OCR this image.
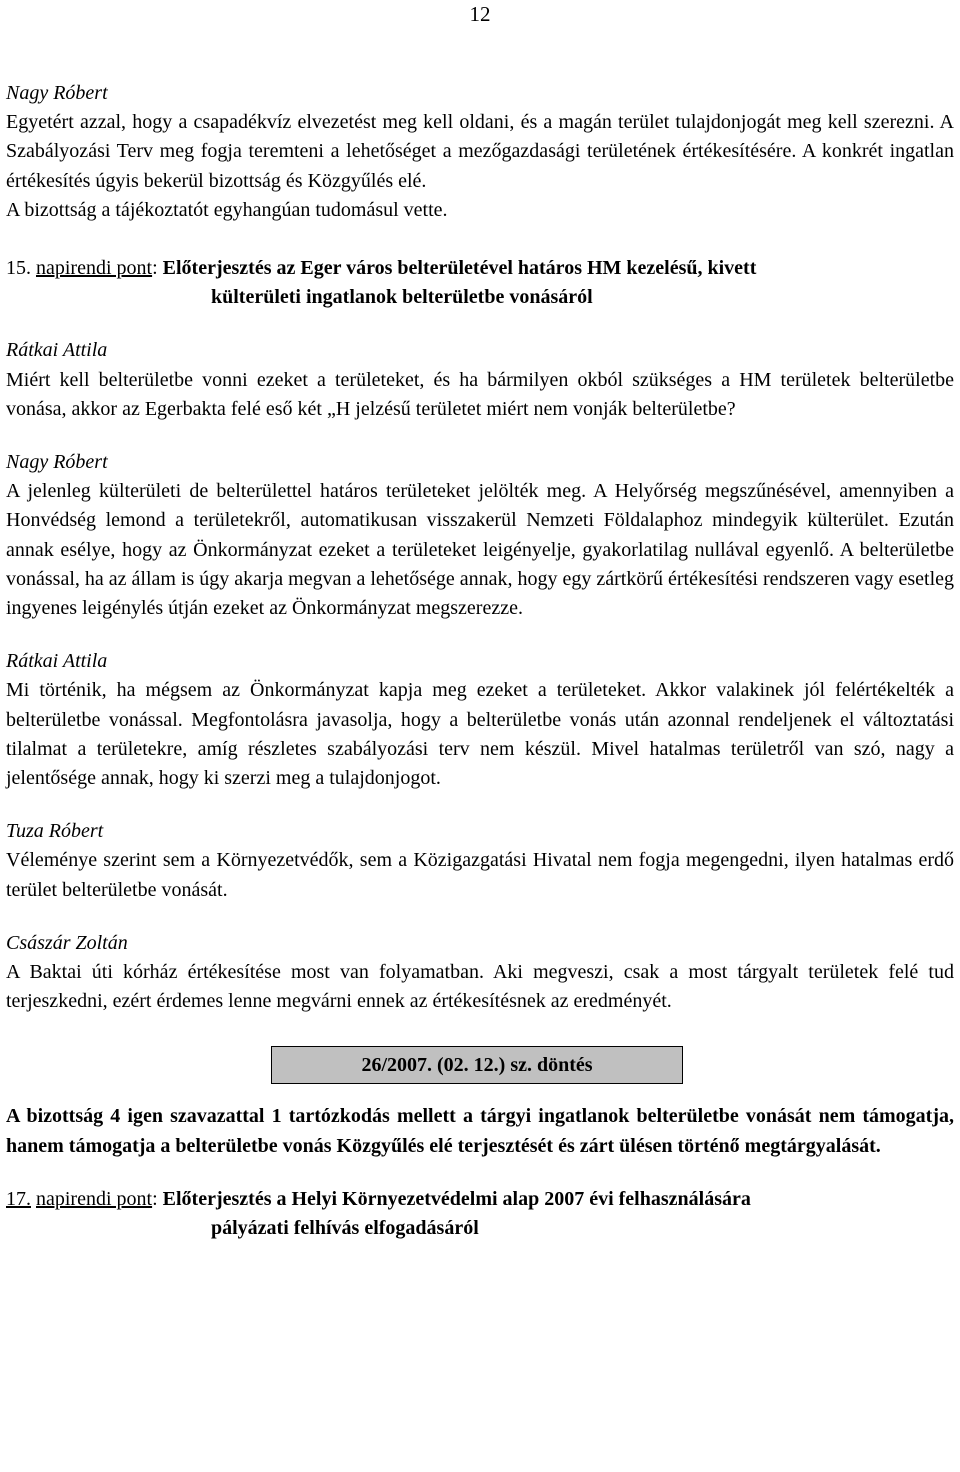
12
Nagy Róbert
Egyetért azzal, hogy a csapadékvíz elvezetést meg kell oldani, és a magán terület tulajdonjogát meg kell szerezni. A Szabályozási Terv meg fogja teremteni a lehetőséget a mezőgazdasági területének értékesítésére. A konkrét ingatlan értékesítés úgyis bekerül bizottság és Közgyűlés elé.
A bizottság a tájékoztatót egyhangúan tudomásul vette.
15. napirendi pont: Előterjesztés az Eger város belterületével határos HM kezelésű, kivett
külterületi ingatlanok belterületbe vonásáról
Rátkai Attila
Miért kell belterületbe vonni ezeket a területeket, és ha bármilyen okból szükséges a HM területek belterületbe vonása, akkor az Egerbakta felé eső két „H jelzésű területet miért nem vonják belterületbe?
Nagy Róbert
A jelenleg külterületi de belterülettel határos területeket jelölték meg. A Helyőrség megszűnésével, amennyiben a Honvédség lemond a területekről, automatikusan visszakerül Nemzeti Földalaphoz mindegyik külterület. Ezután annak esélye, hogy az Önkormányzat ezeket a területeket leigényelje, gyakorlatilag nullával egyenlő. A belterületbe vonással, ha az állam is úgy akarja megvan a lehetősége annak, hogy egy zártkörű értékesítési rendszeren vagy esetleg ingyenes leigénylés útján ezeket az Önkormányzat megszerezze.
Rátkai Attila
Mi történik, ha mégsem az Önkormányzat kapja meg ezeket a területeket. Akkor valakinek jól felértékelték a belterületbe vonással. Megfontolásra javasolja, hogy a belterületbe vonás után azonnal rendeljenek el változtatási tilalmat a területekre, amíg részletes szabályozási terv nem készül. Mivel hatalmas területről van szó, nagy a jelentősége annak, hogy ki szerzi meg a tulajdonjogot.
Tuza Róbert
Véleménye szerint sem a Környezetvédők, sem a Közigazgatási Hivatal nem fogja megengedni, ilyen hatalmas erdő terület belterületbe vonását.
Császár Zoltán
A Baktai úti kórház értékesítése most van folyamatban. Aki megveszi, csak a most tárgyalt területek felé tud terjeszkedni, ezért érdemes lenne megvárni ennek az értékesítésnek az eredményét.
26/2007. (02. 12.) sz. döntés
A bizottság 4 igen szavazattal 1 tartózkodás mellett a tárgyi ingatlanok belterületbe vonását nem támogatja, hanem támogatja a belterületbe vonás Közgyűlés elé terjesztését és zárt ülésen történő megtárgyalását.
17. napirendi pont: Előterjesztés a Helyi Környezetvédelmi alap 2007 évi felhasználására
pályázati felhívás elfogadásáról
